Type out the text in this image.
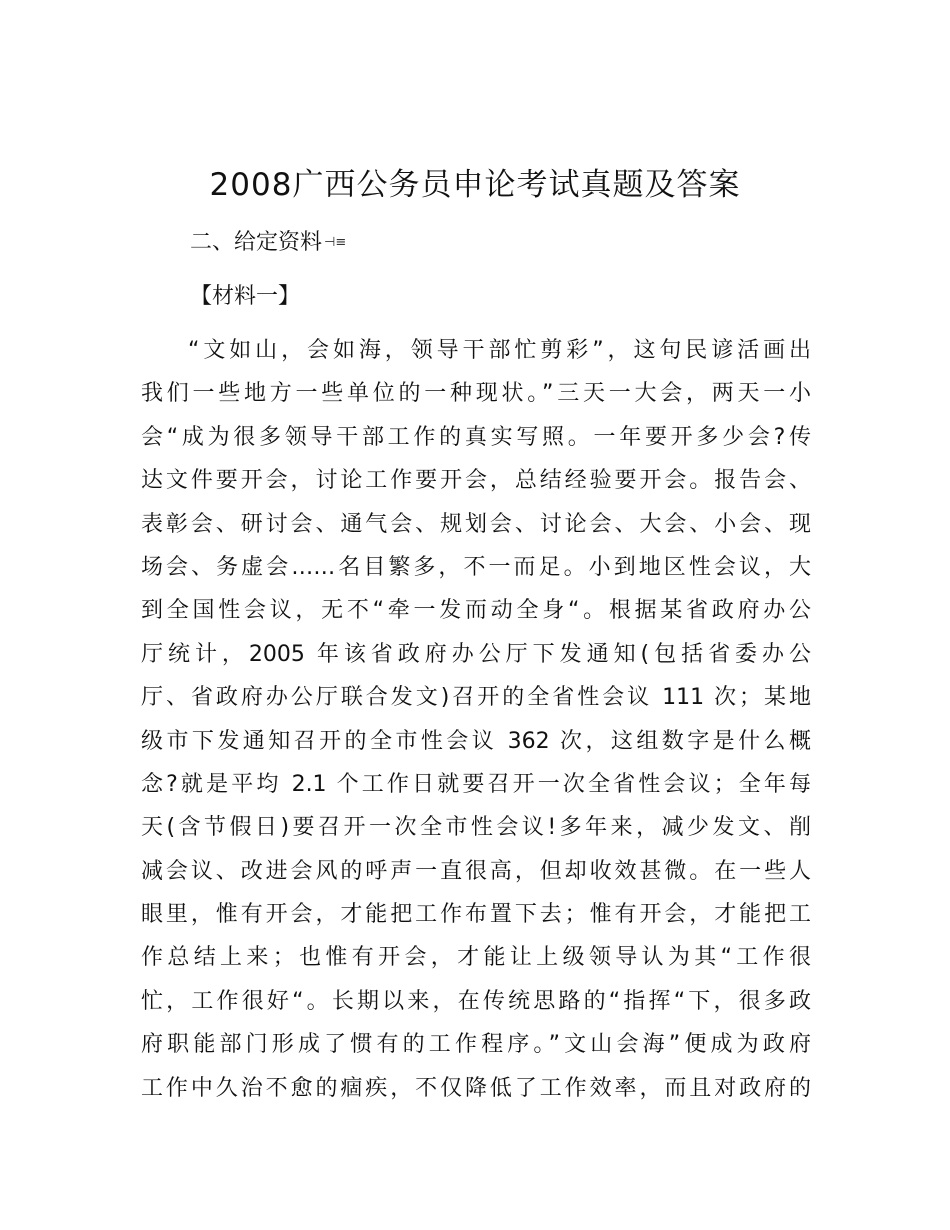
2008广西公务员申论考试真题及答案
二、给定资料 ⊣≡
【材料一】
“文如山，会如海，领导干部忙剪彩”，这句民谚活画出
我们一些地方一些单位的一种现状。”三天一大会，两天一小
会“成为很多领导干部工作的真实写照。一年要开多少会?传
达文件要开会，讨论工作要开会，总结经验要开会。报告会、
表彰会、研讨会、通气会、规划会、讨论会、大会、小会、现
场会、务虚会……名目繁多，不一而足。小到地区性会议，大
到全国性会议，无不“牵一发而动全身“。根据某省政府办公
厅统计，2005 年该省政府办公厅下发通知(包括省委办公
厅、省政府办公厅联合发文)召开的全省性会议 111 次；某地
级市下发通知召开的全市性会议 362 次，这组数字是什么概
念?就是平均 2.1 个工作日就要召开一次全省性会议；全年每
天(含节假日)要召开一次全市性会议!多年来，减少发文、削
减会议、改进会风的呼声一直很高，但却收效甚微。在一些人
眼里，惟有开会，才能把工作布置下去；惟有开会，才能把工
作总结上来；也惟有开会，才能让上级领导认为其“工作很
忙，工作很好“。长期以来，在传统思路的“指挥“下，很多政
府职能部门形成了惯有的工作程序。”文山会海”便成为政府
工作中久治不愈的痼疾，不仅降低了工作效率，而且对政府的
